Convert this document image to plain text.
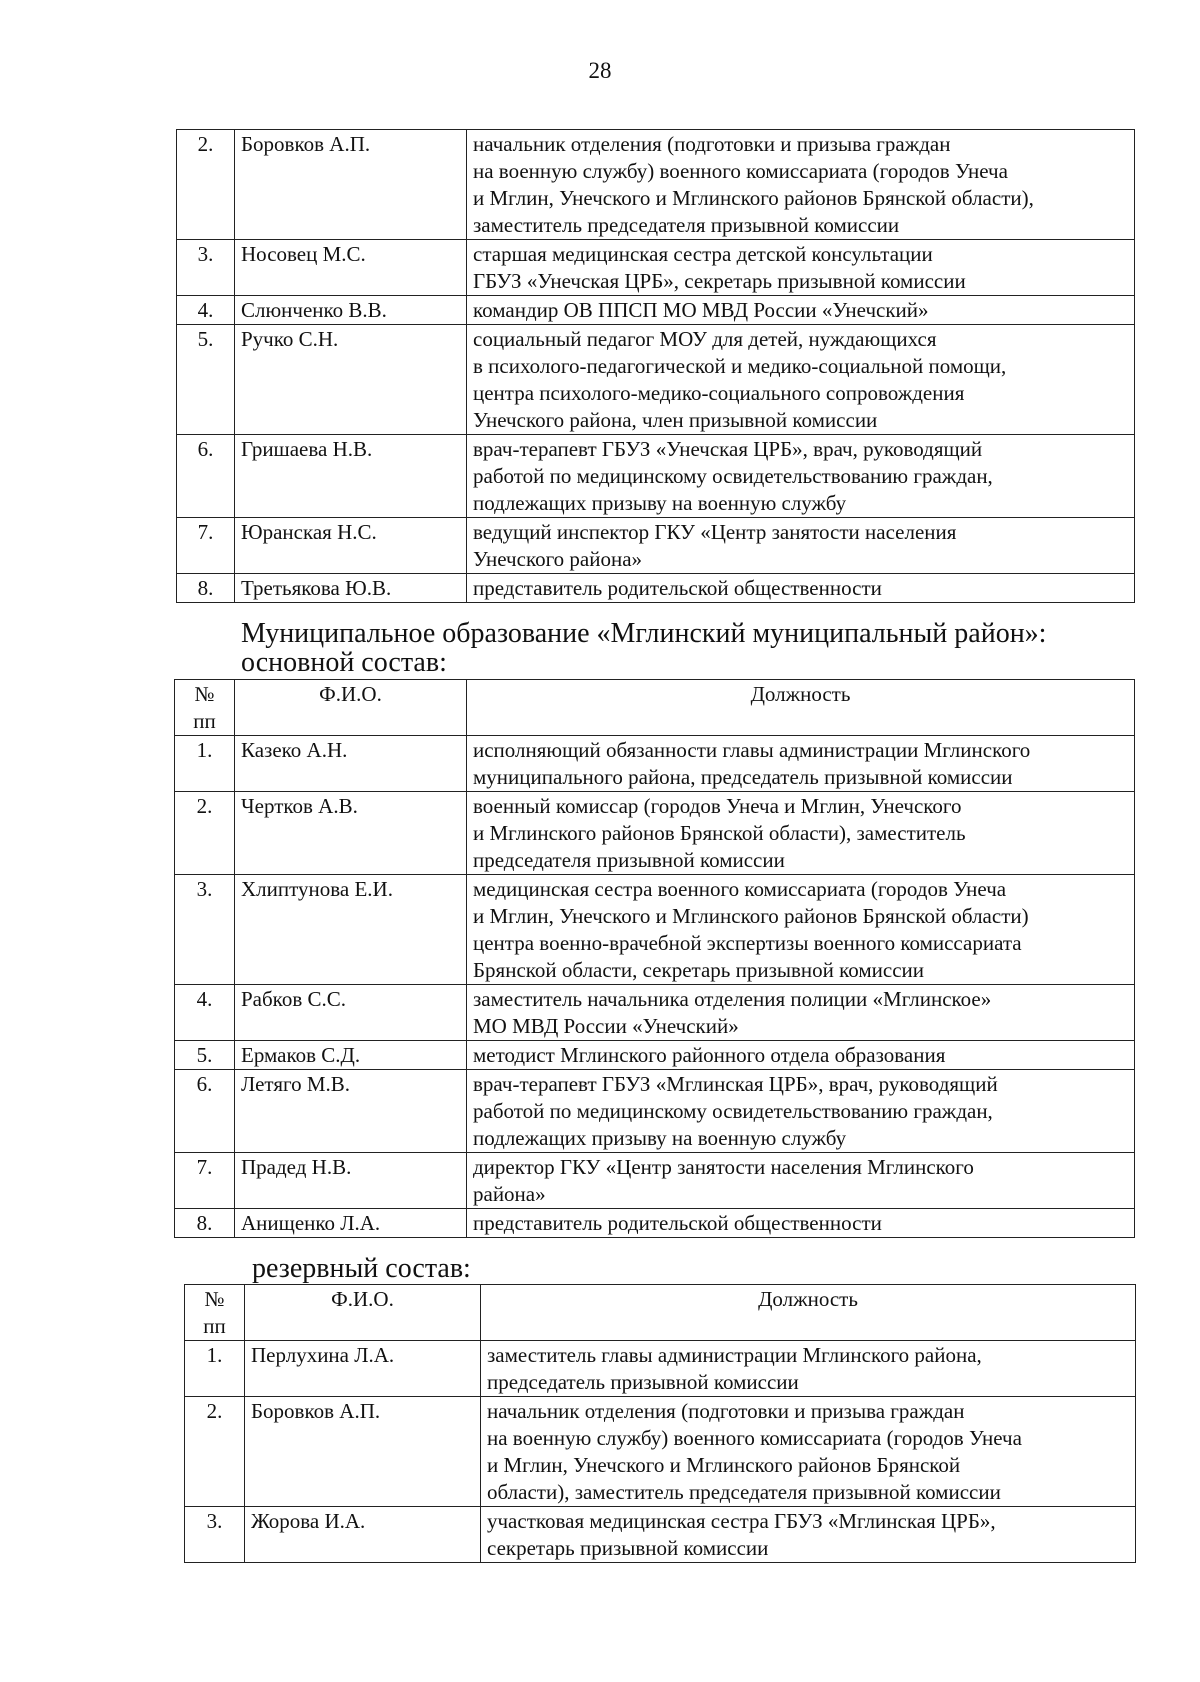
28
2.	Боровков А.П.	начальник отделения (подготовки и призыва граждан
на военную службу) военного комиссариата (городов Унеча
и Мглин, Унечского и Мглинского районов Брянской области),
заместитель председателя призывной комиссии
3.	Носовец М.С.	старшая медицинская сестра детской консультации
ГБУЗ «Унечская ЦРБ», секретарь призывной комиссии
4.	Слюнченко В.В.	командир ОВ ППСП МО МВД России «Унечский»
5.	Ручко С.Н.	социальный педагог МОУ для детей, нуждающихся
в психолого-педагогической и медико-социальной помощи,
центра психолого-медико-социального сопровождения
Унечского района, член призывной комиссии
6.	Гришаева Н.В.	врач-терапевт ГБУЗ «Унечская ЦРБ», врач, руководящий
работой по медицинскому освидетельствованию граждан,
подлежащих призыву на военную службу
7.	Юранская Н.С.	ведущий инспектор ГКУ «Центр занятости населения
Унечского района»
8.	Третьякова Ю.В.	представитель родительской общественности
Муниципальное образование «Мглинский муниципальный район»:
основной состав:
№
пп	Ф.И.О.	Должность
1.	Казеко А.Н.	исполняющий обязанности главы администрации Мглинского
муниципального района, председатель призывной комиссии
2.	Чертков А.В.	военный комиссар (городов Унеча и Мглин, Унечского
и Мглинского районов Брянской области), заместитель
председателя призывной комиссии
3.	Хлиптунова Е.И.	медицинская сестра военного комиссариата (городов Унеча
и Мглин, Унечского и Мглинского районов Брянской области)
центра военно-врачебной экспертизы военного комиссариата
Брянской области, секретарь призывной комиссии
4.	Рабков С.С.	заместитель начальника отделения полиции «Мглинское»
МО МВД России «Унечский»
5.	Ермаков С.Д.	методист Мглинского районного отдела образования
6.	Летяго М.В.	врач-терапевт ГБУЗ «Мглинская ЦРБ», врач, руководящий
работой по медицинскому освидетельствованию граждан,
подлежащих призыву на военную службу
7.	Прадед Н.В.	директор ГКУ «Центр занятости населения Мглинского
района»
8.	Анищенко Л.А.	представитель родительской общественности
резервный состав:
№
пп	Ф.И.О.	Должность
1.	Перлухина Л.А.	заместитель главы администрации Мглинского района,
председатель призывной комиссии
2.	Боровков А.П.	начальник отделения (подготовки и призыва граждан
на военную службу) военного комиссариата (городов Унеча
и Мглин, Унечского и Мглинского районов Брянской
области), заместитель председателя призывной комиссии
3.	Жорова И.А.	участковая медицинская сестра ГБУЗ «Мглинская ЦРБ»,
секретарь призывной комиссии
